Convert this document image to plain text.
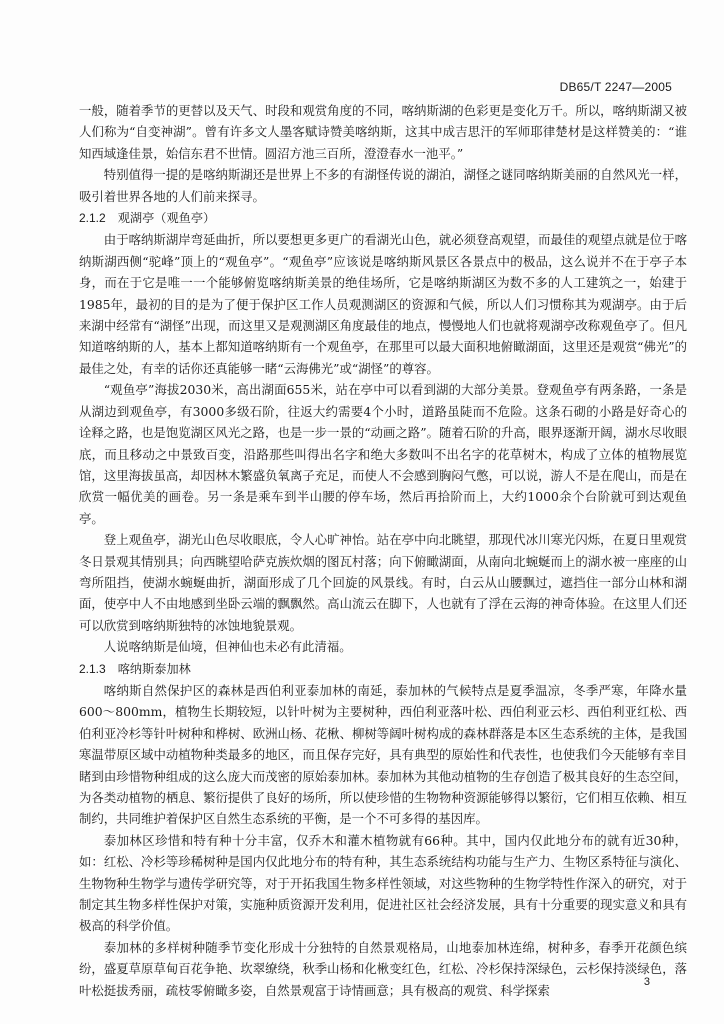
DB65/T 2247—2005

一般，随着季节的更替以及天气、时段和观赏角度的不同，喀纳斯湖的色彩更是变化万千。所以，喀纳斯湖又被人们称为“自变神湖”。曾有许多文人墨客赋诗赞美喀纳斯，这其中成吉思汗的军师耶律楚材是这样赞美的：“谁知西域逢佳景，始信东君不世情。圆沼方池三百所，澄澄春水一池平。”

特别值得一提的是喀纳斯湖还是世界上不多的有湖怪传说的湖泊，湖怪之谜同喀纳斯美丽的自然风光一样，吸引着世界各地的人们前来探寻。

2.1.2 观湖亭（观鱼亭）

由于喀纳斯湖岸弯延曲折，所以要想更多更广的看湖光山色，就必须登高观望，而最佳的观望点就是位于喀纳斯湖西侧“驼峰”顶上的“观鱼亭”。“观鱼亭”应该说是喀纳斯风景区各景点中的极品，这么说并不在于亭子本身，而在于它是唯一一个能够俯览喀纳斯美景的绝佳场所，它是喀纳斯湖区为数不多的人工建筑之一，始建于1985年，最初的目的是为了便于保护区工作人员观测湖区的资源和气候，所以人们习惯称其为观湖亭。由于后来湖中经常有“湖怪”出现，而这里又是观测湖区角度最佳的地点，慢慢地人们也就将观湖亭改称观鱼亭了。但凡知道喀纳斯的人，基本上都知道喀纳斯有一个观鱼亭，在那里可以最大面积地俯瞰湖面，这里还是观赏“佛光”的最佳之处，有幸的话你还真能够一睹“云海佛光”或“湖怪”的尊容。

“观鱼亭”海拔2030米，高出湖面655米，站在亭中可以看到湖的大部分美景。登观鱼亭有两条路，一条是从湖边到观鱼亭，有3000多级石阶，往返大约需要4个小时，道路虽陡而不危险。这条石砌的小路是好奇心的诠释之路，也是饱览湖区风光之路，也是一步一景的“动画之路”。随着石阶的升高，眼界逐渐开阔，湖水尽收眼底，而且移动之中景致百变，沿路那些叫得出名字和绝大多数叫不出名字的花草树木，构成了立体的植物展览馆，这里海拔虽高，却因林木繁盛负氧离子充足，而使人不会感到胸闷气憋，可以说，游人不是在爬山，而是在欣赏一幅优美的画卷。另一条是乘车到半山腰的停车场，然后再拾阶而上，大约1000余个台阶就可到达观鱼亭。

登上观鱼亭，湖光山色尽收眼底，令人心旷神怡。站在亭中向北眺望，那现代冰川寒光闪烁，在夏日里观赏冬日景观其情别具；向西眺望哈萨克族炊烟的图瓦村落；向下俯瞰湖面，从南向北蜿蜒而上的湖水被一座座的山弯所阻挡，使湖水蜿蜒曲折，湖面形成了几个回旋的风景线。有时，白云从山腰飘过，遮挡住一部分山林和湖面，使亭中人不由地感到坐卧云端的飘飘然。高山流云在脚下，人也就有了浮在云海的神奇体验。在这里人们还可以欣赏到喀纳斯独特的冰蚀地貌景观。

人说喀纳斯是仙境，但神仙也未必有此清福。

2.1.3 喀纳斯泰加林

喀纳斯自然保护区的森林是西伯利亚泰加林的南延，泰加林的气候特点是夏季温凉，冬季严寒，年降水量600～800mm，植物生长期较短，以针叶树为主要树种，西伯利亚落叶松、西伯利亚云杉、西伯利亚红松、西伯利亚冷杉等针叶树种和桦树、欧洲山杨、花楸、柳树等阔叶树构成的森林群落是本区生态系统的主体，是我国寒温带原区域中动植物种类最多的地区，而且保存完好，具有典型的原始性和代表性，也使我们今天能够有幸目睹到由珍惜物种组成的这么庞大而茂密的原始泰加林。泰加林为其他动植物的生存创造了极其良好的生态空间，为各类动植物的栖息、繁衍提供了良好的场所，所以使珍惜的生物物种资源能够得以繁衍，它们相互依赖、相互制约，共同维护着保护区自然生态系统的平衡，是一个不可多得的基因库。

泰加林区珍惜和特有种十分丰富，仅乔木和灌木植物就有66种。其中，国内仅此地分布的就有近30种，如：红松、冷杉等珍稀树种是国内仅此地分布的特有种，其生态系统结构功能与生产力、生物区系特征与演化、生物物种生物学与遗传学研究等，对于开拓我国生物多样性领域，对这些物种的生物学特性作深入的研究，对于制定其生物多样性保护对策，实施种质资源开发利用，促进社区社会经济发展，具有十分重要的现实意义和具有极高的科学价值。

泰加林的多样树种随季节变化形成十分独特的自然景观格局，山地泰加林连绵，树种多，春季开花颜色缤纷，盛夏草原草甸百花争艳、坎翠缭绕，秋季山杨和化楸变红色，红松、冷杉保持深绿色，云杉保持淡绿色，落叶松挺拔秀丽，疏枝零俯瞰多姿，自然景观富于诗情画意；具有极高的观赏、科学探索

3
